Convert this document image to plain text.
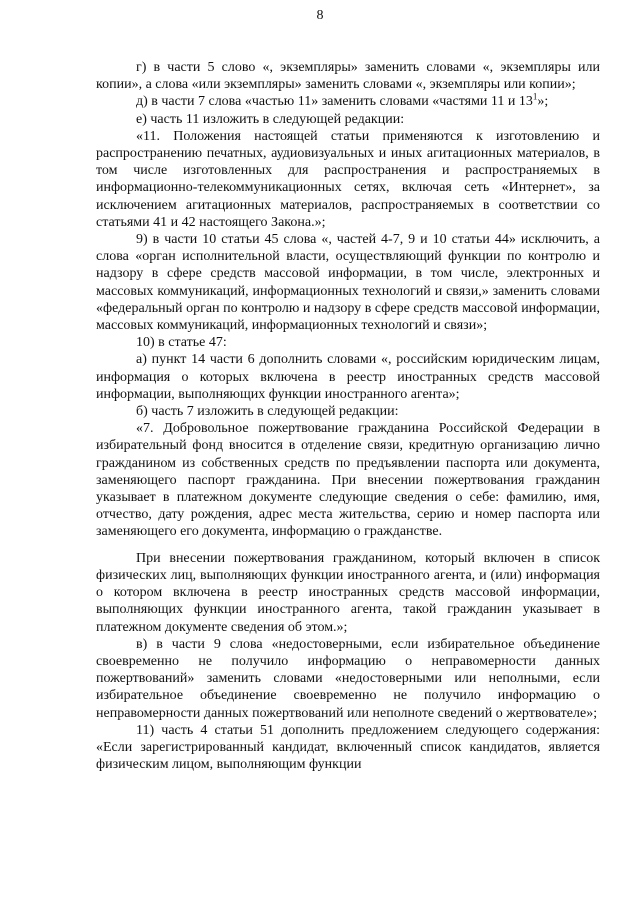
8

г) в части 5 слово «, экземпляры» заменить словами «, экземпляры или копии», а слова «или экземпляры» заменить словами «, экземпляры или копии»;

д) в части 7 слова «частью 11» заменить словами «частями 11 и $13^1$»;

е) часть 11 изложить в следующей редакции:

«11. Положения настоящей статьи применяются к изготовлению и распространению печатных, аудиовизуальных и иных агитационных материалов, в том числе изготовленных для распространения и распространяемых в информационно-телекоммуникационных сетях, включая сеть «Интернет», за исключением агитационных материалов, распространяемых в соответствии со статьями 41 и 42 настоящего Закона.»;

9) в части 10 статьи 45 слова «, частей 4-7, 9 и 10 статьи 44» исключить, а слова «орган исполнительной власти, осуществляющий функции по контролю и надзору в сфере средств массовой информации, в том числе, электронных и массовых коммуникаций, информационных технологий и связи,» заменить словами «федеральный орган по контролю и надзору в сфере средств массовой информации, массовых коммуникаций, информационных технологий и связи»;

10) в статье 47:

а) пункт 14 части 6 дополнить словами «, российским юридическим лицам, информация о которых включена в реестр иностранных средств массовой информации, выполняющих функции иностранного агента»;

б) часть 7 изложить в следующей редакции:

«7. Добровольное пожертвование гражданина Российской Федерации в избирательный фонд вносится в отделение связи, кредитную организацию лично гражданином из собственных средств по предъявлении паспорта или документа, заменяющего паспорт гражданина. При внесении пожертвования гражданин указывает в платежном документе следующие сведения о себе: фамилию, имя, отчество, дату рождения, адрес места жительства, серию и номер паспорта или заменяющего его документа, информацию о гражданстве.

При внесении пожертвования гражданином, который включен в список физических лиц, выполняющих функции иностранного агента, и (или) информация о котором включена в реестр иностранных средств массовой информации, выполняющих функции иностранного агента, такой гражданин указывает в платежном документе сведения об этом.»;

в) в части 9 слова «недостоверными, если избирательное объединение своевременно не получило информацию о неправомерности данных пожертвований» заменить словами «недостоверными или неполными, если избирательное объединение своевременно не получило информацию о неправомерности данных пожертвований или неполноте сведений о жертвователе»;

11) часть 4 статьи 51 дополнить предложением следующего содержания: «Если зарегистрированный кандидат, включенный список кандидатов, является физическим лицом, выполняющим функции
